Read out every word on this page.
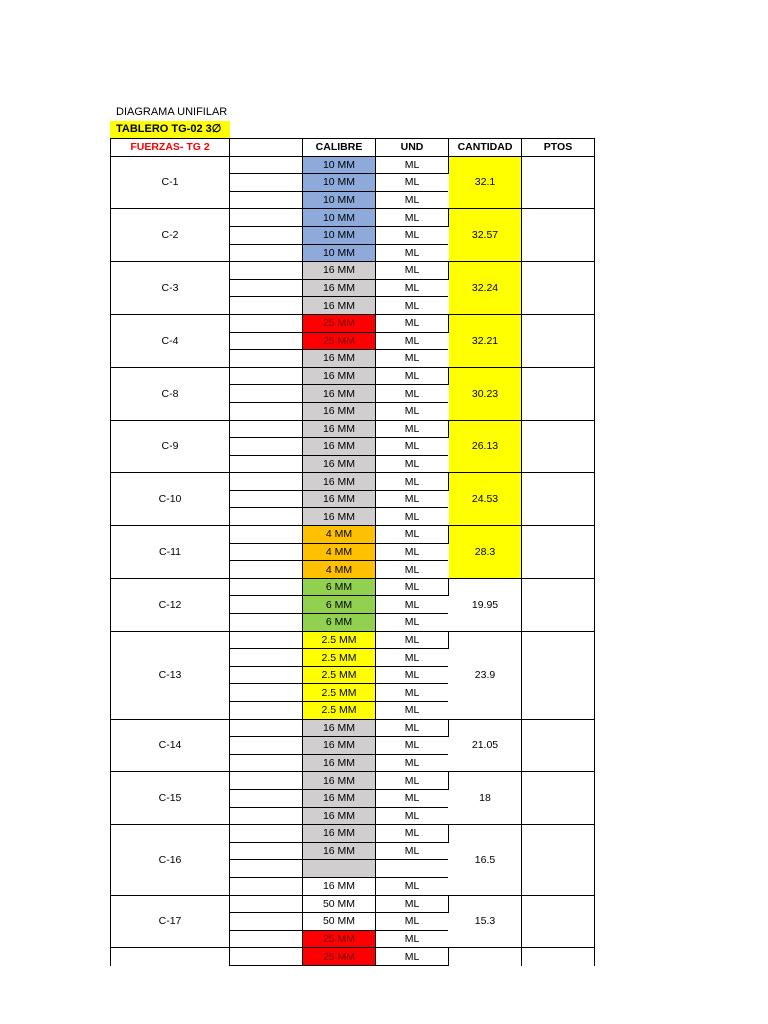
DIAGRAMA UNIFILAR
TABLERO TG-02 3∅
FUERZAS- TG 2		CALIBRE	UND	CANTIDAD	PTOS
C-1		10 MM	ML	32.1	
		10 MM	ML		
		10 MM	ML		
C-2		10 MM	ML	32.57	
		10 MM	ML		
		10 MM	ML		
C-3		16 MM	ML	32.24	
		16 MM	ML		
		16 MM	ML		
C-4		25 MM	ML	32.21	
		25 MM	ML		
		16 MM	ML		
C-8		16 MM	ML	30.23	
		16 MM	ML		
		16 MM	ML		
C-9		16 MM	ML	26.13	
		16 MM	ML		
		16 MM	ML		
C-10		16 MM	ML	24.53	
		16 MM	ML		
		16 MM	ML		
C-11		4 MM	ML	28.3	
		4 MM	ML		
		4 MM	ML		
C-12		6 MM	ML	19.95	
		6 MM	ML		
		6 MM	ML		
C-13		2.5 MM	ML	23.9	
		2.5 MM	ML		
		2.5 MM	ML		
		2.5 MM	ML		
		2.5 MM	ML		
C-14		16 MM	ML	21.05	
		16 MM	ML		
		16 MM	ML		
C-15		16 MM	ML	18	
		16 MM	ML		
		16 MM	ML		
C-16		16 MM	ML	16.5	
		16 MM	ML		

		16 MM	ML		
C-17		50 MM	ML	15.3	
		50 MM	ML		
		25 MM	ML		
		25 MM	ML		
